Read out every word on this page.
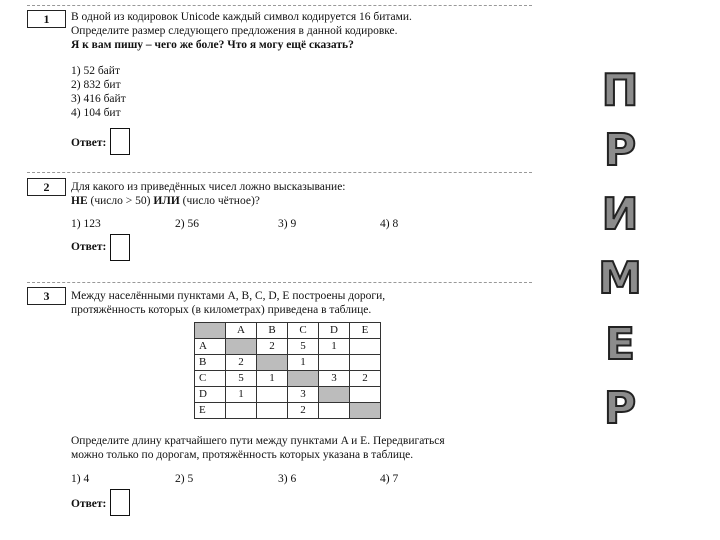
1	В одной из кодировок Unicode каждый символ кодируется 16 битами.
Определите размер следующего предложения в данной кодировке.
Я к вам пишу – чего же боле? Что я могу ещё сказать?
1) 52 байт
2) 832 бит
3) 416 байт
4) 104 бит
Ответ:
2	Для какого из приведённых чисел ложно высказывание:
НЕ (число > 50) ИЛИ (число чётное)?
1) 123	2) 56	3) 9	4) 8
Ответ:
3	Между населёнными пунктами A, B, C, D, E построены дороги,
протяжённость которых (в километрах) приведена в таблице.
	A	B	C	D	E
A		2	5	1	
B	2		1		
C	5	1		3	2
D	1		3		
E			2		
Определите длину кратчайшего пути между пунктами A и E. Передвигаться
можно только по дорогам, протяжённость которых указана в таблице.
1) 4	2) 5	3) 6	4) 7
Ответ:
П
Р
И
М
Е
Р
